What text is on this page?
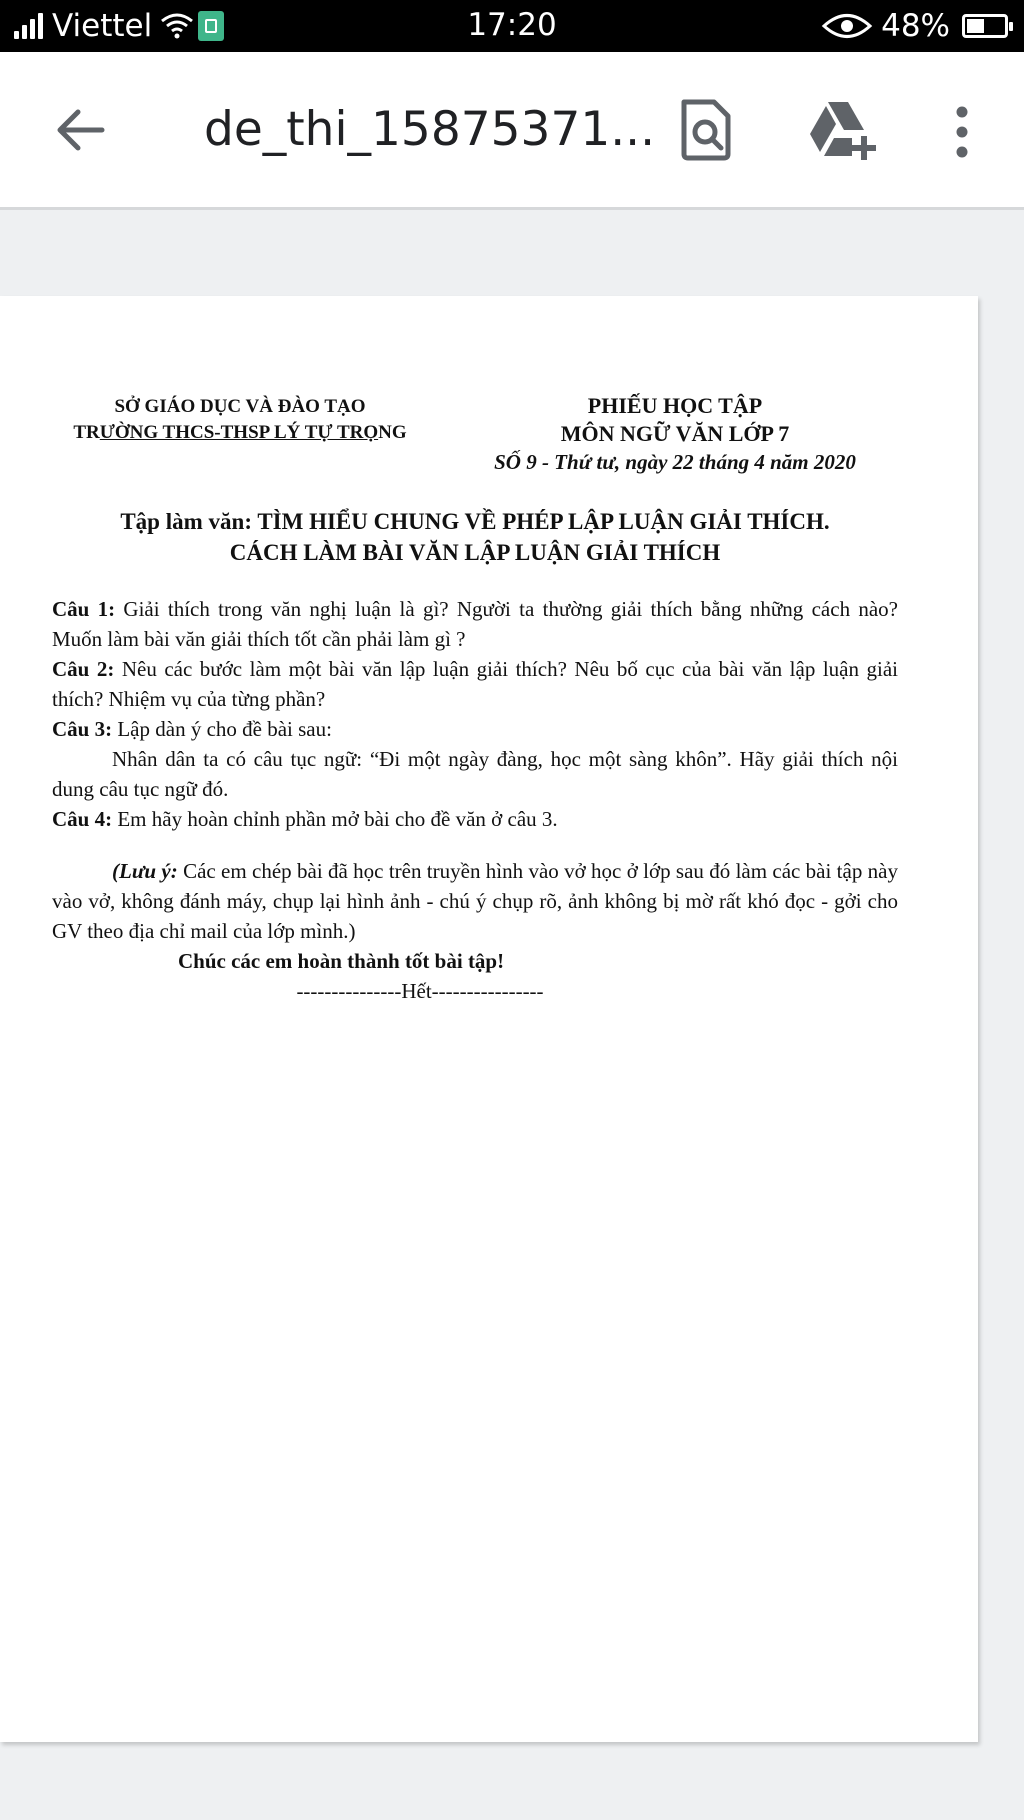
Viettel	17:20	48%
de_thi_15875371...
SỞ GIÁO DỤC VÀ ĐÀO TẠO
TRƯỜNG THCS-THSP LÝ TỰ TRỌNG
PHIẾU HỌC TẬP
MÔN NGỮ VĂN LỚP 7
SỐ 9 - Thứ tư, ngày 22 tháng 4 năm 2020
Tập làm văn: TÌM HIỂU CHUNG VỀ PHÉP LẬP LUẬN GIẢI THÍCH.
CÁCH LÀM BÀI VĂN LẬP LUẬN GIẢI THÍCH

Câu 1: Giải thích trong văn nghị luận là gì? Người ta thường giải thích bằng những cách nào? Muốn làm bài văn giải thích tốt cần phải làm gì ?

Câu 2: Nêu các bước làm một bài văn lập luận giải thích? Nêu bố cục của bài văn lập luận giải thích? Nhiệm vụ của từng phần?

Câu 3: Lập dàn ý cho đề bài sau:

Nhân dân ta có câu tục ngữ: “Đi một ngày đàng, học một sàng khôn”. Hãy giải thích nội dung câu tục ngữ đó.

Câu 4: Em hãy hoàn chỉnh phần mở bài cho đề văn ở câu 3.

(Lưu ý: Các em chép bài đã học trên truyền hình vào vở học ở lớp sau đó làm các bài tập này vào vở, không đánh máy, chụp lại hình ảnh - chú ý chụp rõ, ảnh không bị mờ rất khó đọc - gởi cho GV theo địa chỉ mail của lớp mình.)

Chúc các em hoàn thành tốt bài tập!

---------------Hết----------------
